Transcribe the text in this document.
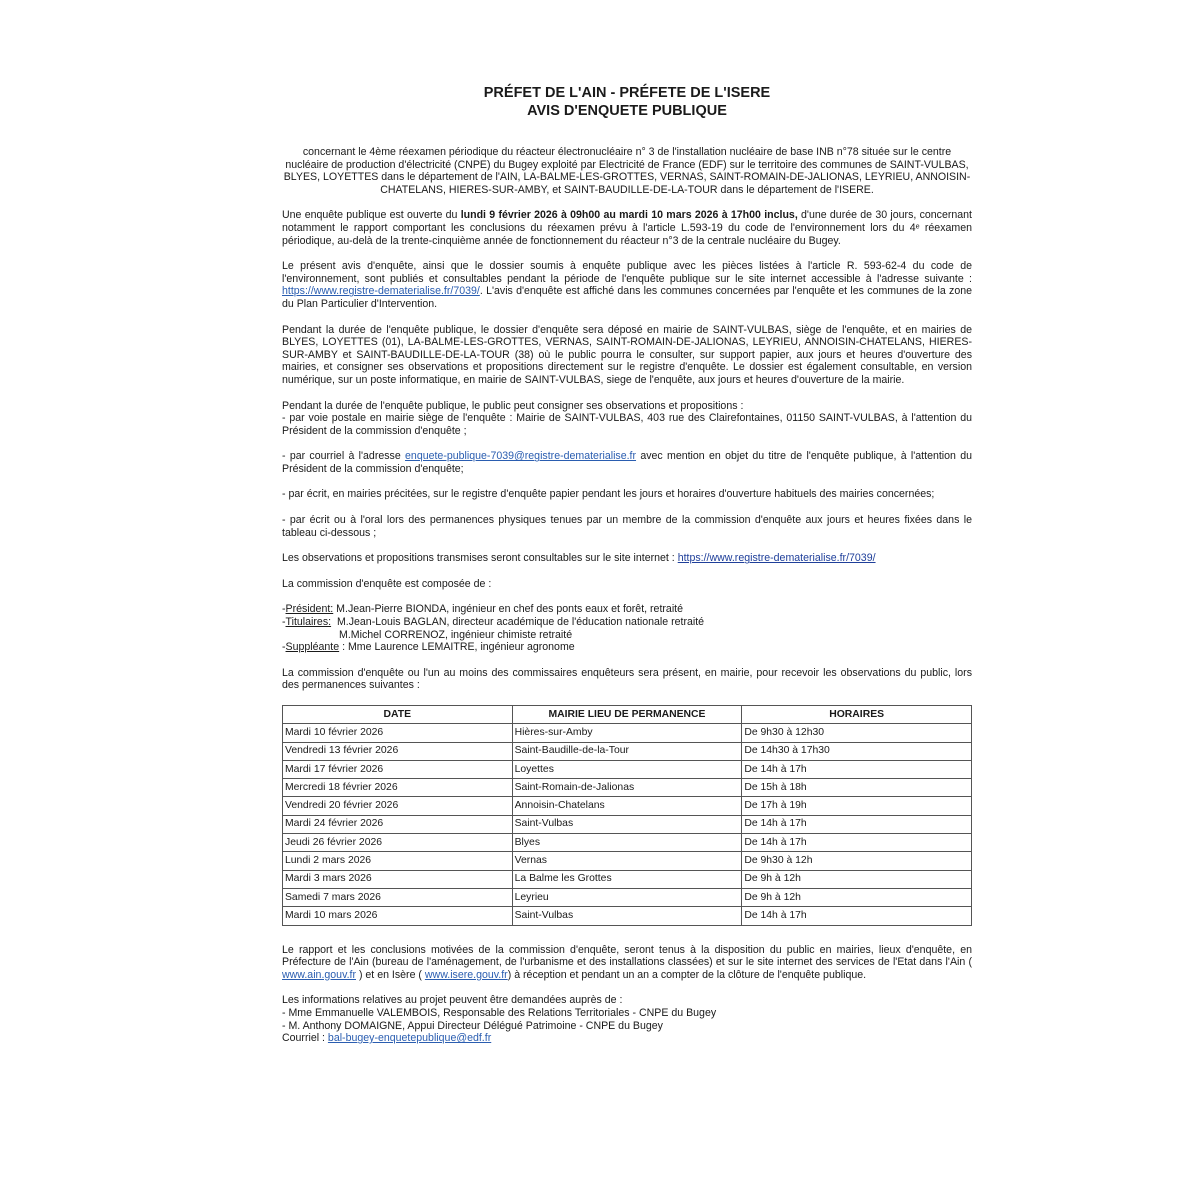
PRÉFET DE L'AIN - PRÉFETE DE L'ISERE
AVIS D'ENQUETE PUBLIQUE

concernant le 4ème réexamen périodique du réacteur électronucléaire n° 3 de l'installation nucléaire de base INB n°78 située sur le centre nucléaire de production d'électricité (CNPE) du Bugey exploité par Electricité de France (EDF) sur le territoire des communes de SAINT-VULBAS, BLYES, LOYETTES dans le département de l'AIN, LA-BALME-LES-GROTTES, VERNAS, SAINT-ROMAIN-DE-JALIONAS, LEYRIEU, ANNOISIN-CHATELANS, HIERES-SUR-AMBY, et SAINT-BAUDILLE-DE-LA-TOUR dans le département de l'ISERE.

Une enquête publique est ouverte du lundi 9 février 2026 à 09h00 au mardi 10 mars 2026 à 17h00 inclus, d'une durée de 30 jours, concernant notamment le rapport comportant les conclusions du réexamen prévu à l'article L.593-19 du code de l'environnement lors du 4ᵉ réexamen périodique, au-delà de la trente-cinquième année de fonctionnement du réacteur n°3 de la centrale nucléaire du Bugey.

Le présent avis d'enquête, ainsi que le dossier soumis à enquête publique avec les pièces listées à l'article R. 593-62-4 du code de l'environnement, sont publiés et consultables pendant la période de l'enquête publique sur le site internet accessible à l'adresse suivante : https://www.registre-dematerialise.fr/7039/. L'avis d'enquête est affiché dans les communes concernées par l'enquête et les communes de la zone du Plan Particulier d'Intervention.

Pendant la durée de l'enquête publique, le dossier d'enquête sera déposé en mairie de SAINT-VULBAS, siège de l'enquête, et en mairies de BLYES, LOYETTES (01), LA-BALME-LES-GROTTES, VERNAS, SAINT-ROMAIN-DE-JALIONAS, LEYRIEU, ANNOISIN-CHATELANS, HIERES-SUR-AMBY et SAINT-BAUDILLE-DE-LA-TOUR (38) où le public pourra le consulter, sur support papier, aux jours et heures d'ouverture des mairies, et consigner ses observations et propositions directement sur le registre d'enquête. Le dossier est également consultable, en version numérique, sur un poste informatique, en mairie de SAINT-VULBAS, siege de l'enquête, aux jours et heures d'ouverture de la mairie.

Pendant la durée de l'enquête publique, le public peut consigner ses observations et propositions :

- par voie postale en mairie siège de l'enquête : Mairie de SAINT-VULBAS, 403 rue des Clairefontaines, 01150 SAINT-VULBAS, à l'attention du Président de la commission d'enquête ;

- par courriel à l'adresse enquete-publique-7039@registre-dematerialise.fr avec mention en objet du titre de l'enquête publique, à l'attention du Président de la commission d'enquête;

- par écrit, en mairies précitées, sur le registre d'enquête papier pendant les jours et horaires d'ouverture habituels des mairies concernées;

- par écrit ou à l'oral lors des permanences physiques tenues par un membre de la commission d'enquête aux jours et heures fixées dans le tableau ci-dessous ;

Les observations et propositions transmises seront consultables sur le site internet : https://www.registre-dematerialise.fr/7039/

La commission d'enquête est composée de :

-Président: M.Jean-Pierre BIONDA, ingénieur en chef des ponts eaux et forêt, retraité

-Titulaires:  M.Jean-Louis BAGLAN, directeur académique de l'éducation nationale retraité

M.Michel CORRENOZ, ingénieur chimiste retraité

-Suppléante : Mme Laurence LEMAITRE, ingénieur agronome

La commission d'enquête ou l'un au moins des commissaires enquêteurs sera présent, en mairie, pour recevoir les observations du public, lors des permanences suivantes :

DATE	MAIRIE LIEU DE PERMANENCE	HORAIRES
Mardi 10 février 2026	Hières-sur-Amby	De 9h30 à 12h30
Vendredi 13 février 2026	Saint-Baudille-de-la-Tour	De 14h30 à 17h30
Mardi 17 février 2026	Loyettes	De 14h à 17h
Mercredi 18 février 2026	Saint-Romain-de-Jalionas	De 15h à 18h
Vendredi 20 février 2026	Annoisin-Chatelans	De 17h à 19h
Mardi 24 février 2026	Saint-Vulbas	De 14h à 17h
Jeudi 26 février 2026	Blyes	De 14h à 17h
Lundi 2 mars 2026	Vernas	De 9h30 à 12h
Mardi 3 mars 2026	La Balme les Grottes	De 9h à 12h
Samedi 7 mars 2026	Leyrieu	De 9h à 12h
Mardi 10 mars 2026	Saint-Vulbas	De 14h à 17h

Le rapport et les conclusions motivées de la commission d'enquête, seront tenus à la disposition du public en mairies, lieux d'enquête, en Préfecture de l'Ain (bureau de l'aménagement, de l'urbanisme et des installations classées) et sur le site internet des services de l'Etat dans l'Ain ( www.ain.gouv.fr ) et en Isère ( www.isere.gouv.fr) à réception et pendant un an a compter de la clôture de l'enquête publique.

Les informations relatives au projet peuvent être demandées auprès de :

- Mme Emmanuelle VALEMBOIS, Responsable des Relations Territoriales - CNPE du Bugey

- M. Anthony DOMAIGNE, Appui Directeur Délégué Patrimoine - CNPE du Bugey

Courriel : bal-bugey-enquetepublique@edf.fr
